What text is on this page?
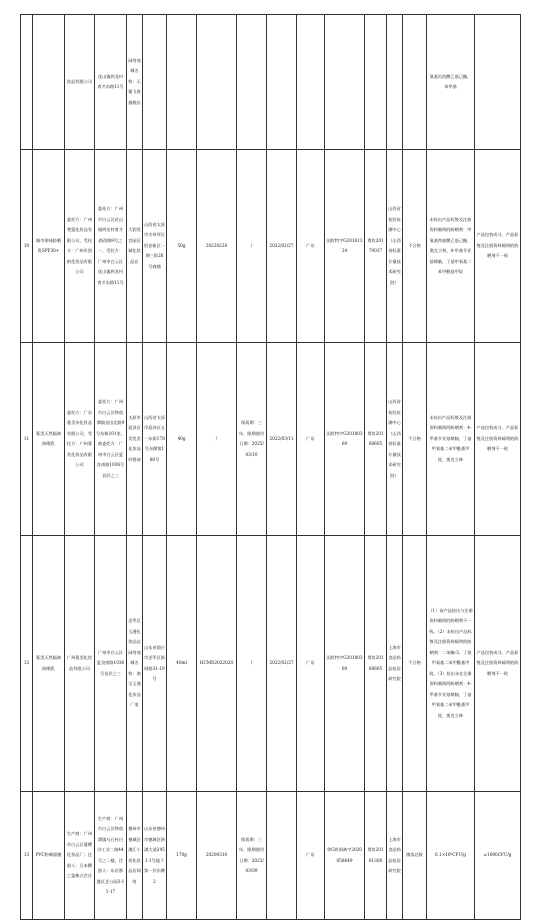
		妆品有限公司	花山镇两龙村育才东路11号	网络商城名称：天猫飞鲁旗舰店											氧基丙烷酸乙基己酯，苯甲基	
10	城市果味防晒乳SPF30+	委托方：广州梵蔻化妆品有限公司，受托方：广州市凯纳化妆品有限公司	委托方：广州市白云区花山镇两龙村育才路西路9号之一，受托方：广州市白云区花山镇两龙村育才东路11号	大润发官园区域化妆品店	山西省太原市尖草坪区恒安新区一期三街26号商铺	50g	20220228	/	2022/02/27	广东	国妆特字G20161324	粤妆20170037	山西省检验检测中心（山西省标准计量技术研究院）	不合格	未检出产品标签及注册资料载明的防晒剂：甲氧基肉桂酸乙基己酯，奥克立林，4-甲基苄亚基樟脑，丁基甲氧基二苯甲酰基甲烷	产品包装成分，产品标签及注册资料载明的防晒剂不一致
11	蔓美天然隔离防晒乳	委托方：广东蔓美诗化妆品有限公司，受托方：广州蔓美化妆品有限公司	委托方：广州市白云区钟落潭镇良田北路9号东栋101室，被委托方：广州市白云区夏良南路1036号首层之三	太原市迎泽区美优美化妆品经销部	山西省太原市迎泽区五一东街178号东侧第186号	40g	/	保质期：三年，限期使用日期：2025/03/10	2022/03/11	广东	国妆特字G20180369	粤妆20160605	山西省检验检测中心（山西省标准计量技术研究院）	不合格	未检出产品标签及注册资料载明的防晒剂：4-甲基苄亚基樟脑，丁基甲氧基二苯甲酰基甲烷，奥克立林	产品包装成分，产品标签及注册资料载明的防晒剂不一致
12	蔓美天然隔离防晒乳	广州蔓美化妆品有限公司	广州市白云区夏良南路1036号首层之三	芝罘区玉漫化妆品店网络商城名称：淘宝玉漫化妆品厂家	山东省烟台市芝罘区新闻路31-19号	40ml	HCMD2022028	/	2022/02/27	广东	国妆特字G20180369	粤妆20160605	上海市食品药品检验研究院	不合格	（1）该产品检出与注册资料载明的防晒剂不一致。（2）未检出产品标签及注册资料载明的防晒剂：二苯酮-3，丁基甲氧基二苯甲酰基甲烷。（3）检出未在注册资料载明的防晒剂：4-甲基苄亚基樟脑，丁基甲氧基二苯甲酰基甲烷，奥克立林	产品包装成分，产品标签及注册资料载明的防晒剂不一致
13	PVC粉刺面膜	生产商：广州市白云区蔓樱化妆品厂；注册人：日本樱之姿株式会社	生产商：广州市白云区钟落潭镇乌石村白沙工业二路44号之二楼，注册人：东京都港区芝公园3-11-17	德州市德城区湘汇小妆化妆品店网络	山东省德州市德城区新湖大道2451-1号地下第一层东侧2	170g	20200310	保质期：三年，限期使用日期：2023/03/09		广东	粤G妆网备字2020058649	粤妆20161308	上海市食品药品检验研究院	菌落总数	6.1×10⁶CFU/g	≤1000CFU/g
